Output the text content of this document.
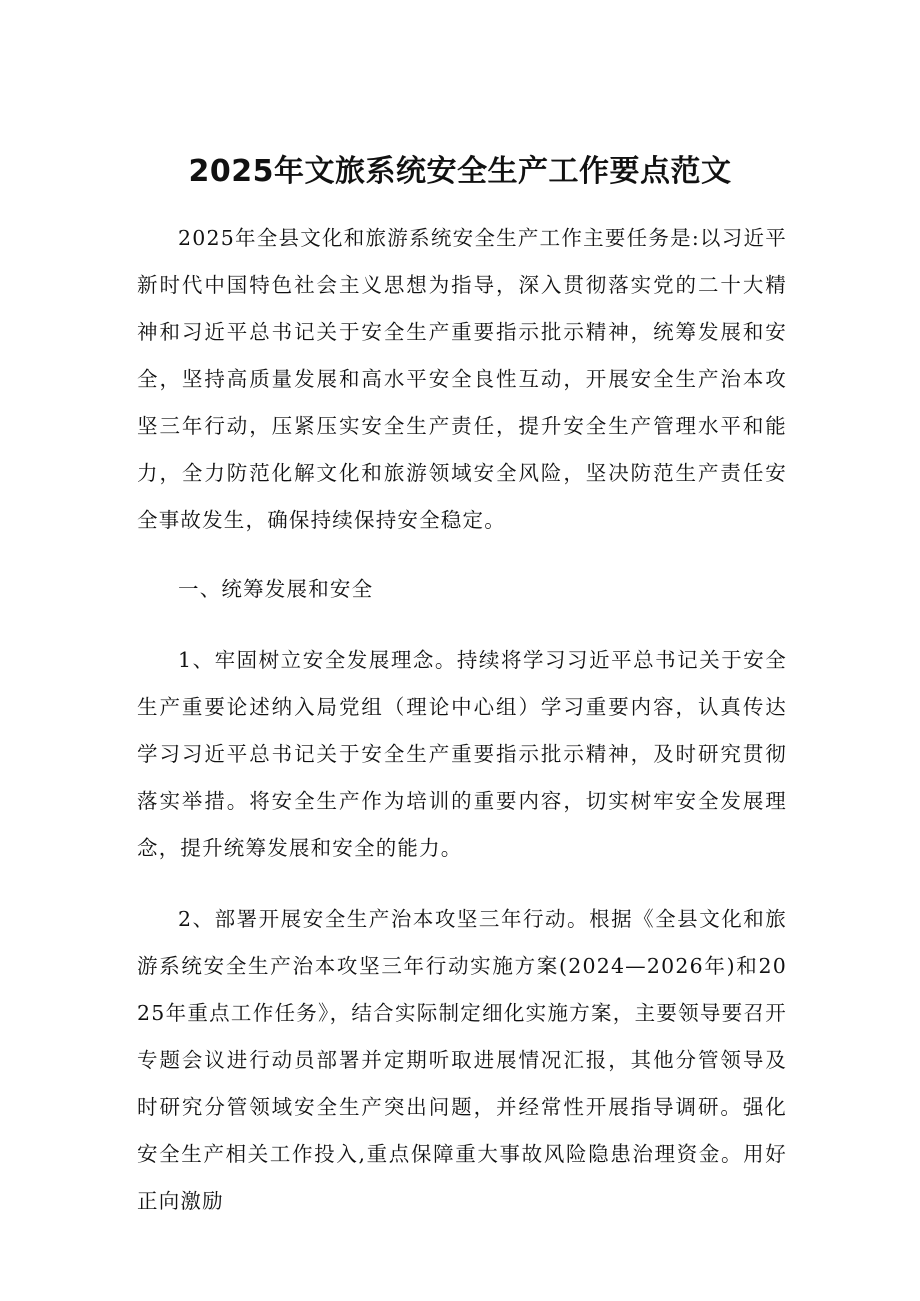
2025年文旅系统安全生产工作要点范文

2025年全县文化和旅游系统安全生产工作主要任务是:以习近平新时代中国特色社会主义思想为指导，深入贯彻落实党的二十大精神和习近平总书记关于安全生产重要指示批示精神，统筹发展和安全，坚持高质量发展和高水平安全良性互动，开展安全生产治本攻坚三年行动，压紧压实安全生产责任，提升安全生产管理水平和能力，全力防范化解文化和旅游领域安全风险，坚决防范生产责任安全事故发生，确保持续保持安全稳定。

一、统筹发展和安全

1、牢固树立安全发展理念。持续将学习习近平总书记关于安全生产重要论述纳入局党组（理论中心组）学习重要内容，认真传达学习习近平总书记关于安全生产重要指示批示精神，及时研究贯彻落实举措。将安全生产作为培训的重要内容，切实树牢安全发展理念，提升统筹发展和安全的能力。

2、部署开展安全生产治本攻坚三年行动。根据《全县文化和旅游系统安全生产治本攻坚三年行动实施方案(2024—2026年)和2025年重点工作任务》，结合实际制定细化实施方案，主要领导要召开专题会议进行动员部署并定期听取进展情况汇报，其他分管领导及时研究分管领域安全生产突出问题，并经常性开展指导调研。强化安全生产相关工作投入,重点保障重大事故风险隐患治理资金。用好正向激励
